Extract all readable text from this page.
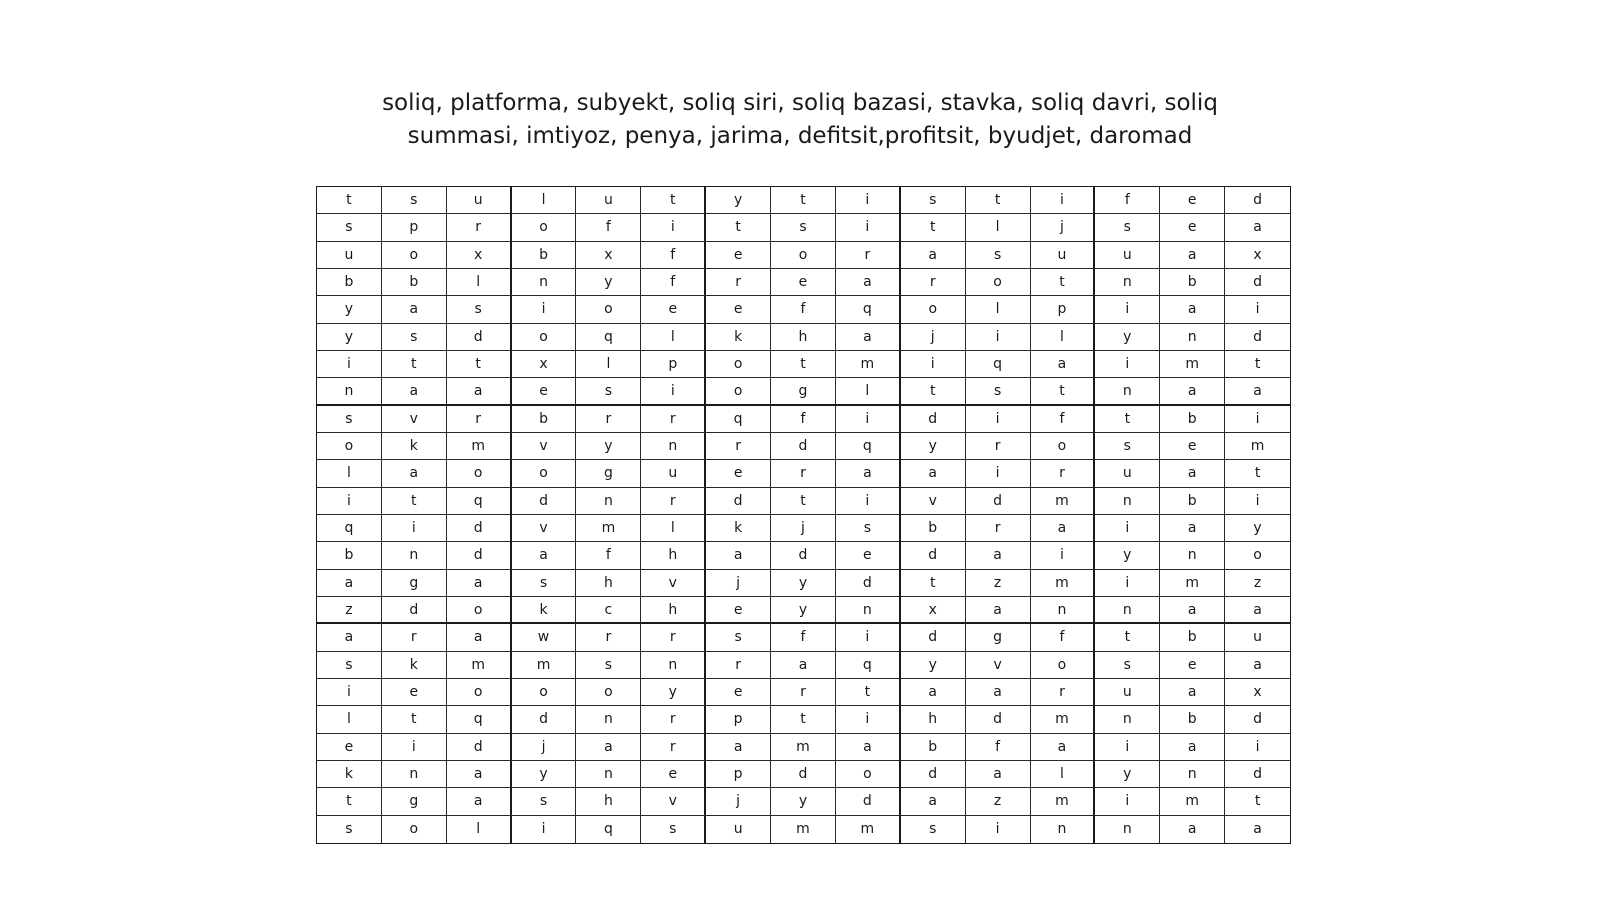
soliq, platforma, subyekt, soliq siri, soliq bazasi, stavka, soliq davri, soliq
summasi, imtiyoz, penya, jarima, defitsit,profitsit, byudjet, daromad
t	s	u	l	u	t	y	t	i	s	t	i	f	e	d
s	p	r	o	f	i	t	s	i	t	l	j	s	e	a
u	o	x	b	x	f	e	o	r	a	s	u	u	a	x
b	b	l	n	y	f	r	e	a	r	o	t	n	b	d
y	a	s	i	o	e	e	f	q	o	l	p	i	a	i
y	s	d	o	q	l	k	h	a	j	i	l	y	n	d
i	t	t	x	l	p	o	t	m	i	q	a	i	m	t
n	a	a	e	s	i	o	g	l	t	s	t	n	a	a
s	v	r	b	r	r	q	f	i	d	i	f	t	b	i
o	k	m	v	y	n	r	d	q	y	r	o	s	e	m
l	a	o	o	g	u	e	r	a	a	i	r	u	a	t
i	t	q	d	n	r	d	t	i	v	d	m	n	b	i
q	i	d	v	m	l	k	j	s	b	r	a	i	a	y
b	n	d	a	f	h	a	d	e	d	a	i	y	n	o
a	g	a	s	h	v	j	y	d	t	z	m	i	m	z
z	d	o	k	c	h	e	y	n	x	a	n	n	a	a
a	r	a	w	r	r	s	f	i	d	g	f	t	b	u
s	k	m	m	s	n	r	a	q	y	v	o	s	e	a
i	e	o	o	o	y	e	r	t	a	a	r	u	a	x
l	t	q	d	n	r	p	t	i	h	d	m	n	b	d
e	i	d	j	a	r	a	m	a	b	f	a	i	a	i
k	n	a	y	n	e	p	d	o	d	a	l	y	n	d
t	g	a	s	h	v	j	y	d	a	z	m	i	m	t
s	o	l	i	q	s	u	m	m	s	i	n	n	a	a
